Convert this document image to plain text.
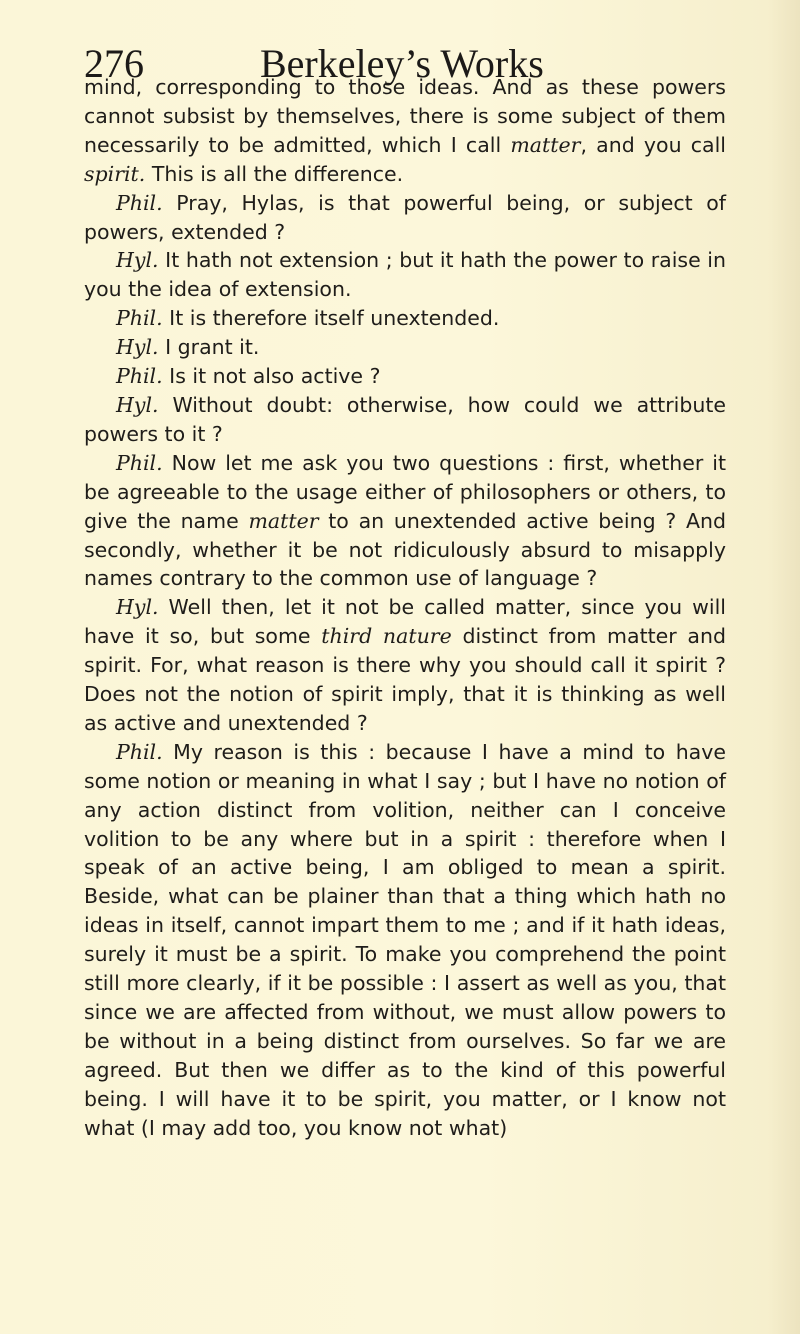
276	Berkeley’s Works

mind, corresponding to those ideas. And as these powers cannot subsist by themselves, there is some subject of them necessarily to be admitted, which I call matter, and you call spirit. This is all the difference.

Phil. Pray, Hylas, is that powerful being, or subject of powers, extended ?

Hyl. It hath not extension ; but it hath the power to raise in you the idea of extension.

Phil. It is therefore itself unextended.

Hyl. I grant it.

Phil. Is it not also active ?

Hyl. Without doubt: otherwise, how could we attribute powers to it ?

Phil. Now let me ask you two questions : first, whether it be agreeable to the usage either of philosophers or others, to give the name matter to an unextended active being ? And secondly, whether it be not ridiculously absurd to misapply names contrary to the common use of language ?

Hyl. Well then, let it not be called matter, since you will have it so, but some third nature distinct from matter and spirit. For, what reason is there why you should call it spirit ? Does not the notion of spirit imply, that it is thinking as well as active and unextended ?

Phil. My reason is this : because I have a mind to have some notion or meaning in what I say ; but I have no notion of any action distinct from volition, neither can I conceive volition to be any where but in a spirit : therefore when I speak of an active being, I am obliged to mean a spirit. Beside, what can be plainer than that a thing which hath no ideas in itself, cannot impart them to me ; and if it hath ideas, surely it must be a spirit. To make you comprehend the point still more clearly, if it be possible : I assert as well as you, that since we are affected from without, we must allow powers to be without in a being distinct from ourselves. So far we are agreed. But then we differ as to the kind of this powerful being. I will have it to be spirit, you matter, or I know not what (I may add too, you know not what)
